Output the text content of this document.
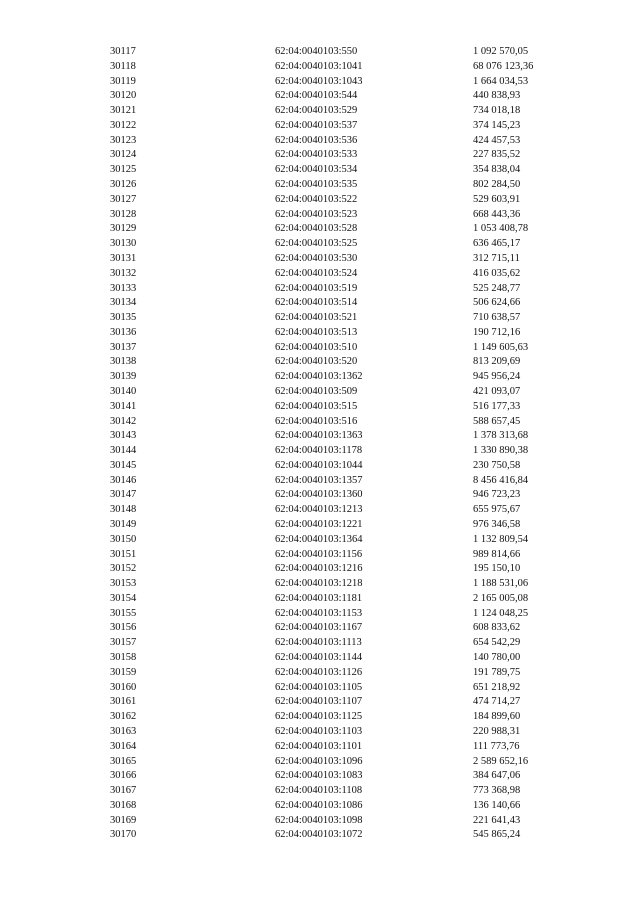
30117	62:04:0040103:550	1 092 570,05
30118	62:04:0040103:1041	68 076 123,36
30119	62:04:0040103:1043	1 664 034,53
30120	62:04:0040103:544	440 838,93
30121	62:04:0040103:529	734 018,18
30122	62:04:0040103:537	374 145,23
30123	62:04:0040103:536	424 457,53
30124	62:04:0040103:533	227 835,52
30125	62:04:0040103:534	354 838,04
30126	62:04:0040103:535	802 284,50
30127	62:04:0040103:522	529 603,91
30128	62:04:0040103:523	668 443,36
30129	62:04:0040103:528	1 053 408,78
30130	62:04:0040103:525	636 465,17
30131	62:04:0040103:530	312 715,11
30132	62:04:0040103:524	416 035,62
30133	62:04:0040103:519	525 248,77
30134	62:04:0040103:514	506 624,66
30135	62:04:0040103:521	710 638,57
30136	62:04:0040103:513	190 712,16
30137	62:04:0040103:510	1 149 605,63
30138	62:04:0040103:520	813 209,69
30139	62:04:0040103:1362	945 956,24
30140	62:04:0040103:509	421 093,07
30141	62:04:0040103:515	516 177,33
30142	62:04:0040103:516	588 657,45
30143	62:04:0040103:1363	1 378 313,68
30144	62:04:0040103:1178	1 330 890,38
30145	62:04:0040103:1044	230 750,58
30146	62:04:0040103:1357	8 456 416,84
30147	62:04:0040103:1360	946 723,23
30148	62:04:0040103:1213	655 975,67
30149	62:04:0040103:1221	976 346,58
30150	62:04:0040103:1364	1 132 809,54
30151	62:04:0040103:1156	989 814,66
30152	62:04:0040103:1216	195 150,10
30153	62:04:0040103:1218	1 188 531,06
30154	62:04:0040103:1181	2 165 005,08
30155	62:04:0040103:1153	1 124 048,25
30156	62:04:0040103:1167	608 833,62
30157	62:04:0040103:1113	654 542,29
30158	62:04:0040103:1144	140 780,00
30159	62:04:0040103:1126	191 789,75
30160	62:04:0040103:1105	651 218,92
30161	62:04:0040103:1107	474 714,27
30162	62:04:0040103:1125	184 899,60
30163	62:04:0040103:1103	220 988,31
30164	62:04:0040103:1101	111 773,76
30165	62:04:0040103:1096	2 589 652,16
30166	62:04:0040103:1083	384 647,06
30167	62:04:0040103:1108	773 368,98
30168	62:04:0040103:1086	136 140,66
30169	62:04:0040103:1098	221 641,43
30170	62:04:0040103:1072	545 865,24
